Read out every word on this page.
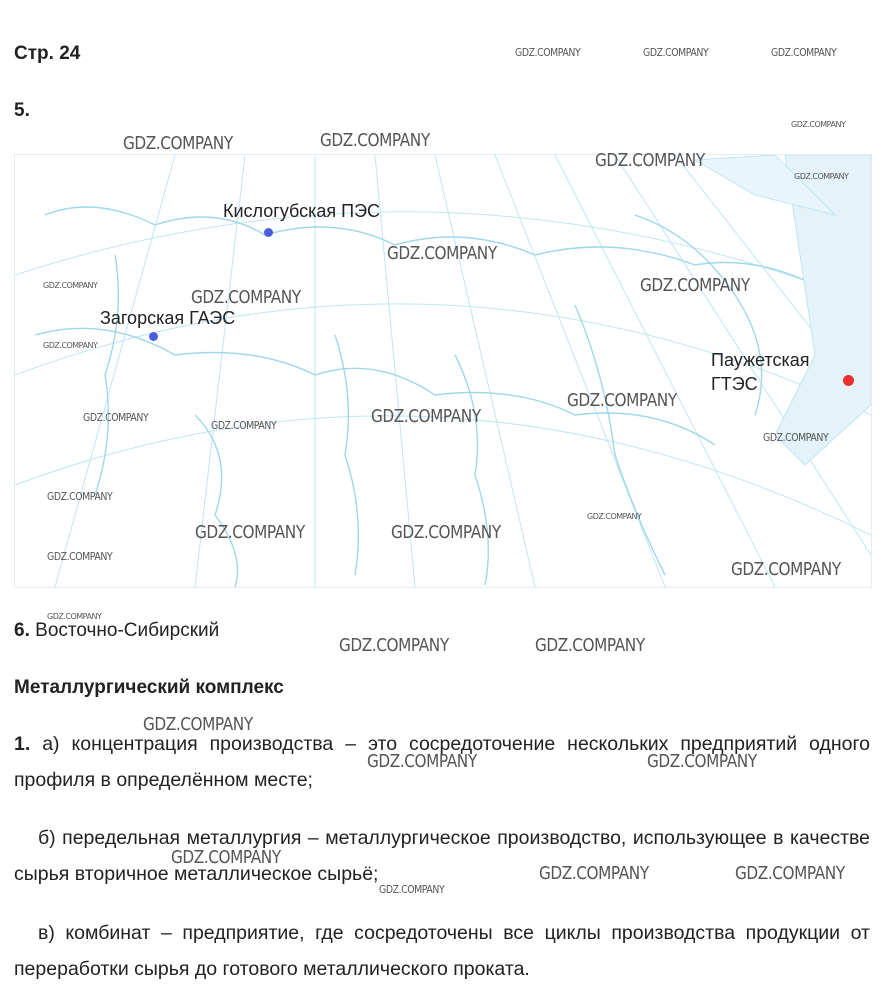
Стр. 24
5.
Кислогубская ПЭС
Загорская ГАЭС
Паужетская
ГТЭС
6. Восточно-Сибирский
Металлургический комплекс
1. а) концентрация производства – это сосредоточение нескольких предприятий одного профиля в определённом месте;
б) передельная металлургия – металлургическое производство, использующее в качестве сырья вторичное металлическое сырьё;
в) комбинат – предприятие, где сосредоточены все циклы производства продукции от переработки сырья до готового металлического проката.
GDZ.COMPANY	GDZ.COMPANY	GDZ.COMPANY
GDZ.COMPANY
GDZ.COMPANY	GDZ.COMPANY
GDZ.COMPANY
GDZ.COMPANY
GDZ.COMPANY
GDZ.COMPANY
GDZ.COMPANY
GDZ.COMPANY
GDZ.COMPANY
GDZ.COMPANY
GDZ.COMPANY
GDZ.COMPANY
GDZ.COMPANY
GDZ.COMPANY
GDZ.COMPANY
GDZ.COMPANY
GDZ.COMPANY	GDZ.COMPANY
GDZ.COMPANY
GDZ.COMPANY
GDZ.COMPANY
GDZ.COMPANY	GDZ.COMPANY
GDZ.COMPANY
GDZ.COMPANY	GDZ.COMPANY
GDZ.COMPANY
GDZ.COMPANY	GDZ.COMPANY
GDZ.COMPANY
